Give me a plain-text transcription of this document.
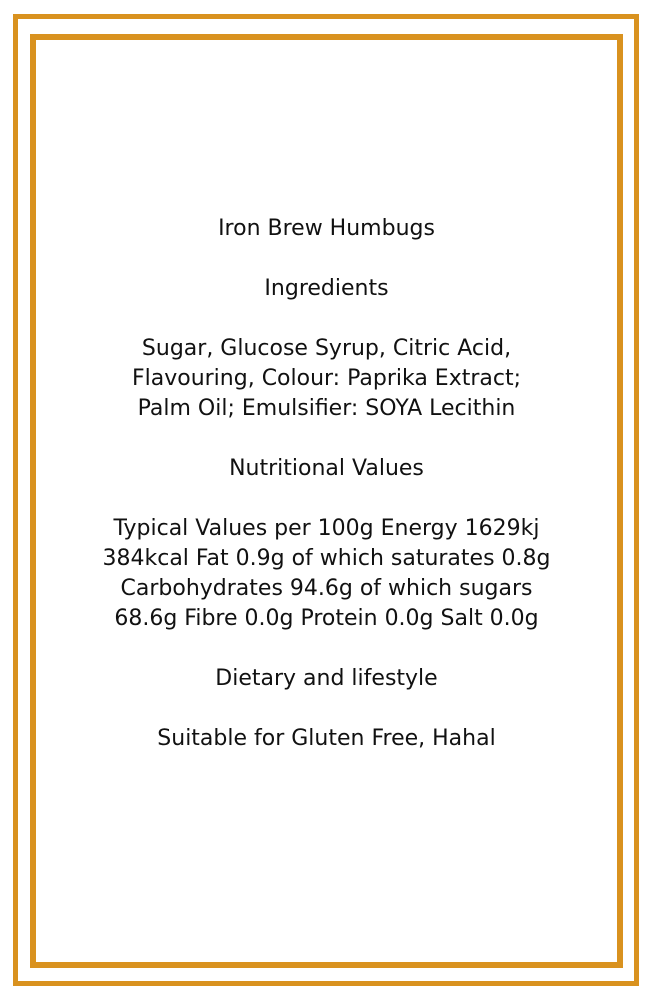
Iron Brew Humbugs
Ingredients
Sugar, Glucose Syrup, Citric Acid,
Flavouring, Colour: Paprika Extract;
Palm Oil; Emulsifier: SOYA Lecithin
Nutritional Values
Typical Values per 100g Energy 1629kj
384kcal Fat 0.9g of which saturates 0.8g
Carbohydrates 94.6g of which sugars
68.6g Fibre 0.0g Protein 0.0g Salt 0.0g
Dietary and lifestyle
Suitable for Gluten Free, Hahal
